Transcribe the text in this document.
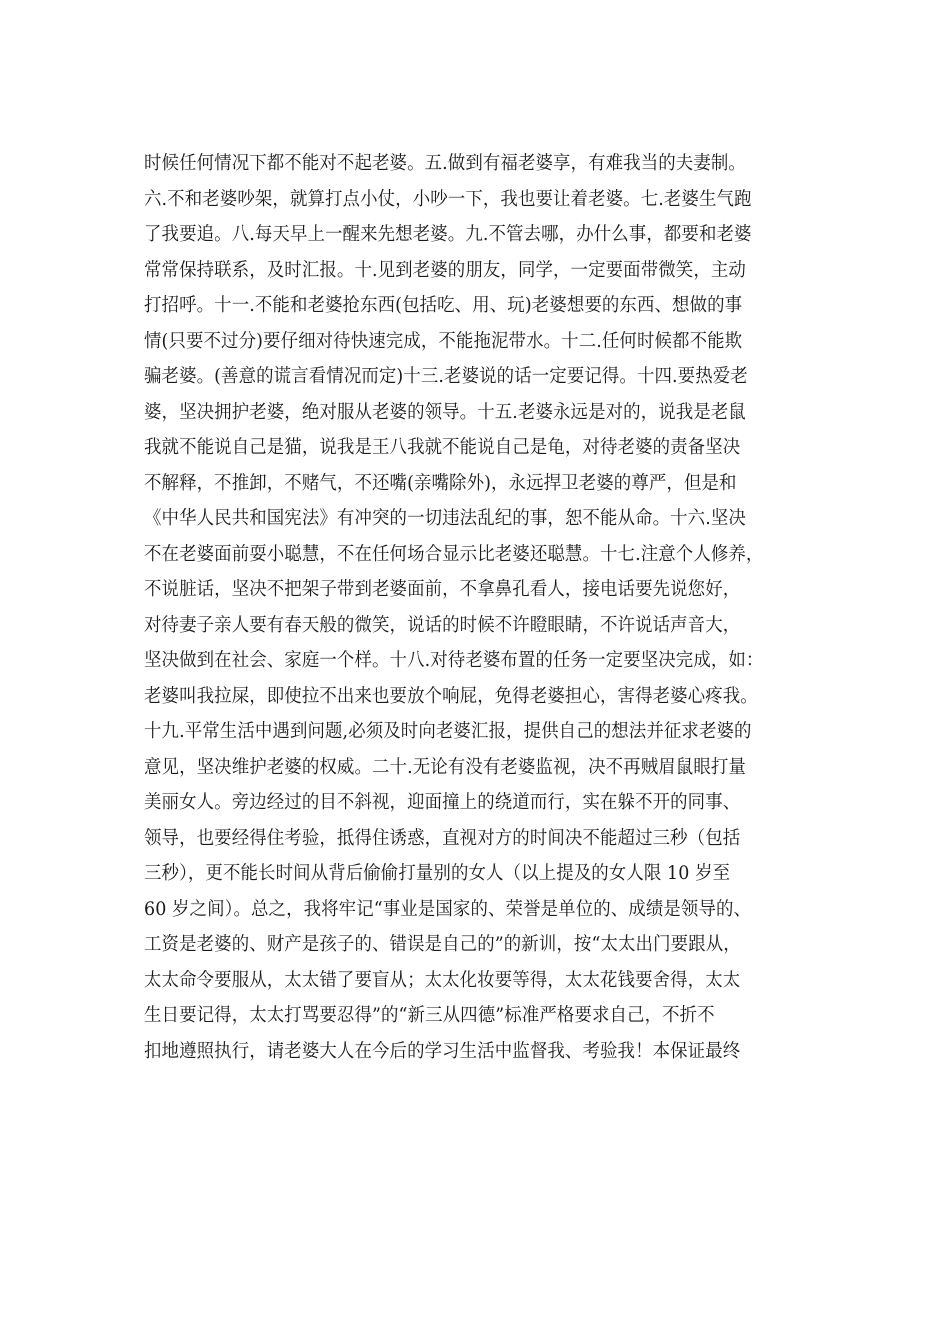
时候任何情况下都不能对不起老婆。五.做到有福老婆享，有难我当的夫妻制。
六.不和老婆吵架，就算打点小仗，小吵一下，我也要让着老婆。七.老婆生气跑
了我要追。八.每天早上一醒来先想老婆。九.不管去哪，办什么事，都要和老婆
常常保持联系，及时汇报。十.见到老婆的朋友，同学，一定要面带微笑，主动
打招呼。十一.不能和老婆抢东西(包括吃、用、玩)老婆想要的东西、想做的事
情(只要不过分)要仔细对待快速完成，不能拖泥带水。十二.任何时候都不能欺
骗老婆。(善意的谎言看情况而定)十三.老婆说的话一定要记得。十四.要热爱老
婆，坚决拥护老婆，绝对服从老婆的领导。十五.老婆永远是对的，说我是老鼠
我就不能说自己是猫，说我是王八我就不能说自己是龟，对待老婆的责备坚决
不解释，不推卸，不赌气，不还嘴(亲嘴除外)，永远捍卫老婆的尊严，但是和
《中华人民共和国宪法》有冲突的一切违法乱纪的事，恕不能从命。十六.坚决
不在老婆面前耍小聪慧，不在任何场合显示比老婆还聪慧。十七.注意个人修养，
不说脏话，坚决不把架子带到老婆面前，不拿鼻孔看人，接电话要先说您好，
对待妻子亲人要有春天般的微笑，说话的时候不许瞪眼睛，不许说话声音大，
坚决做到在社会、家庭一个样。十八.对待老婆布置的任务一定要坚决完成，如：
老婆叫我拉屎，即使拉不出来也要放个响屁，免得老婆担心，害得老婆心疼我。
十九.平常生活中遇到问题,必须及时向老婆汇报，提供自己的想法并征求老婆的
意见，坚决维护老婆的权威。二十.无论有没有老婆监视，决不再贼眉鼠眼打量
美丽女人。旁边经过的目不斜视，迎面撞上的绕道而行，实在躲不开的同事、
领导，也要经得住考验，抵得住诱惑，直视对方的时间决不能超过三秒（包括
三秒），更不能长时间从背后偷偷打量别的女人（以上提及的女人限 10 岁至
60 岁之间）。总之，我将牢记“事业是国家的、荣誉是单位的、成绩是领导的、
工资是老婆的、财产是孩子的、错误是自己的”的新训，按“太太出门要跟从，
太太命令要服从，太太错了要盲从；太太化妆要等得，太太花钱要舍得，太太
生日要记得，太太打骂要忍得”的“新三从四德”标准严格要求自己，不折不
扣地遵照执行，请老婆大人在今后的学习生活中监督我、考验我！本保证最终
